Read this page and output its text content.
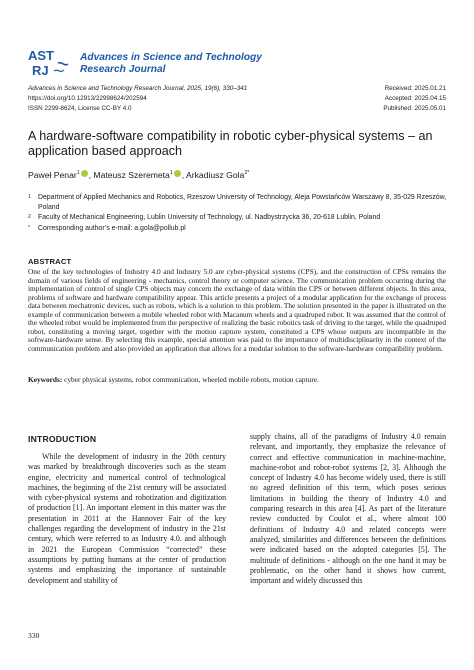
AST
RJ
Advances in Science and Technology
Research Journal
Advances in Science and Technology Research Journal, 2025, 19(6), 330–341
https://doi.org/10.12913/22998624/202594
ISSN 2299-8624, License CC-BY 4.0
Received: 2025.01.21
Accepted: 2025.04.15
Published: 2025.05.01
A hardware-software compatibility in robotic cyber-physical systems – an application based approach
Paweł Penar$^1$ , Mateusz Szeremeta$^1$ , Arkadiusz Gola$^{2*}$
1	Department of Applied Mechanics and Robotics, Rzeszow University of Technology, Aleja Powstańców Warszawy 8, 35-029 Rzeszów, Poland
2	Faculty of Mechanical Engineering, Lublin University of Technology, ul. Nadbystrzycka 36, 20-618 Lublin, Poland
*	Corresponding author’s e-mail: a.gola@pollub.pl
ABSTRACT

One of the key technologies of Industry 4.0 and Industry 5.0 are cyber-physical systems (CPS), and the construction of CPSs remains the domain of various fields of engineering - mechanics, control theory or computer science. The communication problem occurring during the implementation of control of single CPS objects may concern the exchange of data within the CPS or between different objects. In this area, problems of software and hardware compatibility appear. This article presents a project of a modular application for the exchange of process data between mechatronic devices, such as robots, which is a solution to this problem. The solution presented in the paper is illustrated on the example of communication between a mobile wheeled robot with Macanum wheels and a quadruped robot. It was assumed that the control of the wheeled robot would be implemented from the perspective of realizing the basic robotics task of driving to the target, while the quadruped robot, constituting a moving target, together with the motion capture system, constituted a CPS whose outputs are incompatible in the software-hardware sense. By selecting this example, special attention was paid to the importance of multidisciplinarity in the context of the communication problem and also provided an application that allows for a modular solution to the software-hardware compatibility problem.

Keywords: cyber physical systems, robot communication, wheeled mobile robots, motion capture.

INTRODUCTION

While the development of industry in the 20th century was marked by breakthrough discoveries such as the steam engine, electricity and numerical control of technological machines, the beginning of the 21st century will be associated with cyber-physical systems and robotization and digitization of production [1]. An important element in this matter was the presentation in 2011 at the Hannover Fair of the key challenges regarding the development of industry in the 21st century, which were referred to as Industry 4.0. and although in 2021 the European Commission “corrected” these assumptions by putting humans at the center of production systems and emphasizing the importance of sustainable development and stability of

supply chains, all of the paradigms of Industry 4.0 remain relevant, and importantly, they emphasize the relevance of correct and effective communication in machine-machine, machine-robot and robot-robot systems [2, 3]. Although the concept of Industry 4.0 has become widely used, there is still no agreed definition of this term, which poses serious limitations in building the theory of Industry 4.0 and comparing research in this area [4]. As part of the literature review conducted by Coulot et al., where almost 100 definitions of Industry 4.0 and related concepts were analyzed, similarities and differences between the definitions were indicated based on the adopted categories [5]. The multitude of definitions - although on the one hand it may be problematic, on the other hand it shows how current, important and widely discussed this

330
